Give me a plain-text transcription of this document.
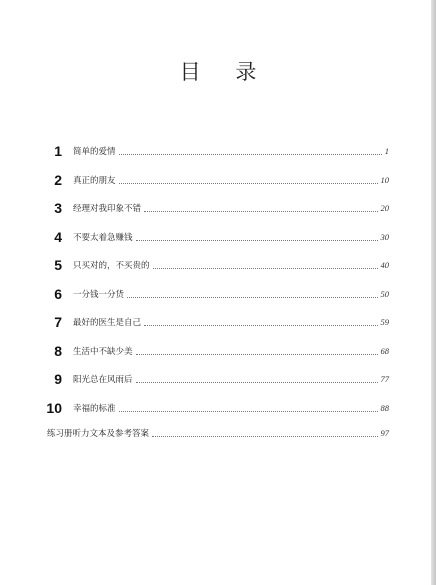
目 录
1 简单的爱情	1
2 真正的朋友	10
3 经理对我印象不错	20
4 不要太着急赚钱	30
5 只买对的，不买贵的	40
6 一分钱一分货	50
7 最好的医生是自己	59
8 生活中不缺少美	68
9 阳光总在风雨后	77
10 幸福的标准	88
练习册听力文本及参考答案	97
